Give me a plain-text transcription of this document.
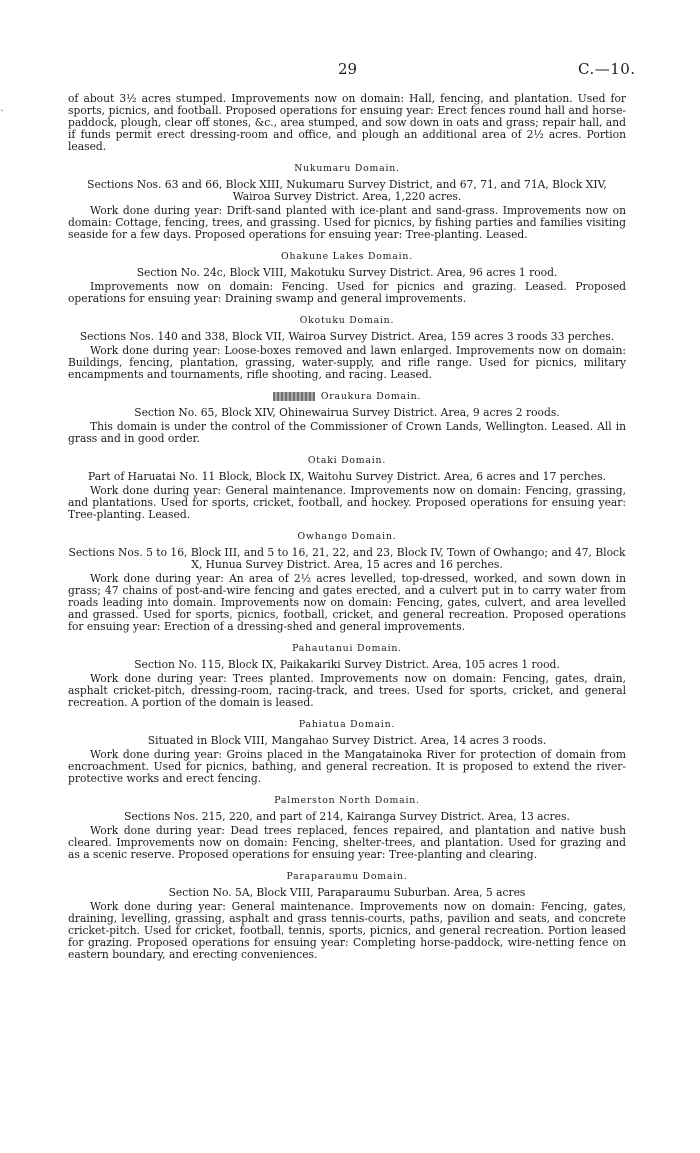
29	C.—10.
ˋ

of about 3½ acres stumped. Improvements now on domain: Hall, fencing, and plantation. Used for sports, picnics, and football. Proposed operations for ensuing year: Erect fences round hall and horse-paddock, plough, clear off stones, &c., area stumped, and sow down in oats and grass; repair hall, and if funds permit erect dressing-room and office, and plough an additional area of 2½ acres. Portion leased.

Nukumaru Domain.

Sections Nos. 63 and 66, Block XIII, Nukumaru Survey District, and 67, 71, and 71A, Block XIV, Wairoa Survey District. Area, 1,220 acres.

Work done during year: Drift-sand planted with ice-plant and sand-grass. Improvements now on domain: Cottage, fencing, trees, and grassing. Used for picnics, by fishing parties and families visiting seaside for a few days. Proposed operations for ensuing year: Tree-planting. Leased.

Ohakune Lakes Domain.

Section No. 24c, Block VIII, Makotuku Survey District. Area, 96 acres 1 rood.

Improvements now on domain: Fencing. Used for picnics and grazing. Leased. Proposed operations for ensuing year: Draining swamp and general improvements.

Okotuku Domain.

Sections Nos. 140 and 338, Block VII, Wairoa Survey District. Area, 159 acres 3 roods 33 perches.

Work done during year: Loose-boxes removed and lawn enlarged. Improvements now on domain: Buildings, fencing, plantation, grassing, water-supply, and rifle range. Used for picnics, military encampments and tournaments, rifle shooting, and racing. Leased.

Oraukura Domain.

Section No. 65, Block XIV, Ohinewairua Survey District. Area, 9 acres 2 roods.

This domain is under the control of the Commissioner of Crown Lands, Wellington. Leased. All in grass and in good order.

Otaki Domain.

Part of Haruatai No. 11 Block, Block IX, Waitohu Survey District. Area, 6 acres and 17 perches.

Work done during year: General maintenance. Improvements now on domain: Fencing, grassing, and plantations. Used for sports, cricket, football, and hockey. Proposed operations for ensuing year: Tree-planting. Leased.

Owhango Domain.

Sections Nos. 5 to 16, Block III, and 5 to 16, 21, 22, and 23, Block IV, Town of Owhango; and 47, Block X, Hunua Survey District. Area, 15 acres and 16 perches.

Work done during year: An area of 2½ acres levelled, top-dressed, worked, and sown down in grass; 47 chains of post-and-wire fencing and gates erected, and a culvert put in to carry water from roads leading into domain. Improvements now on domain: Fencing, gates, culvert, and area levelled and grassed. Used for sports, picnics, football, cricket, and general recreation. Proposed operations for ensuing year: Erection of a dressing-shed and general improvements.

Pahautanui Domain.

Section No. 115, Block IX, Paikakariki Survey District. Area, 105 acres 1 rood.

Work done during year: Trees planted. Improvements now on domain: Fencing, gates, drain, asphalt cricket-pitch, dressing-room, racing-track, and trees. Used for sports, cricket, and general recreation. A portion of the domain is leased.

Pahiatua Domain.

Situated in Block VIII, Mangahao Survey District. Area, 14 acres 3 roods.

Work done during year: Groins placed in the Mangatainoka River for protection of domain from encroachment. Used for picnics, bathing, and general recreation. It is proposed to extend the river-protective works and erect fencing.

Palmerston North Domain.

Sections Nos. 215, 220, and part of 214, Kairanga Survey District. Area, 13 acres.

Work done during year: Dead trees replaced, fences repaired, and plantation and native bush cleared. Improvements now on domain: Fencing, shelter-trees, and plantation. Used for grazing and as a scenic reserve. Proposed operations for ensuing year: Tree-planting and clearing.

Paraparaumu Domain.

Section No. 5A, Block VIII, Paraparaumu Suburban. Area, 5 acres

Work done during year: General maintenance. Improvements now on domain: Fencing, gates, draining, levelling, grassing, asphalt and grass tennis-courts, paths, pavilion and seats, and concrete cricket-pitch. Used for cricket, football, tennis, sports, picnics, and general recreation. Portion leased for grazing. Proposed operations for ensuing year: Completing horse-paddock, wire-netting fence on eastern boundary, and erecting conveniences.
